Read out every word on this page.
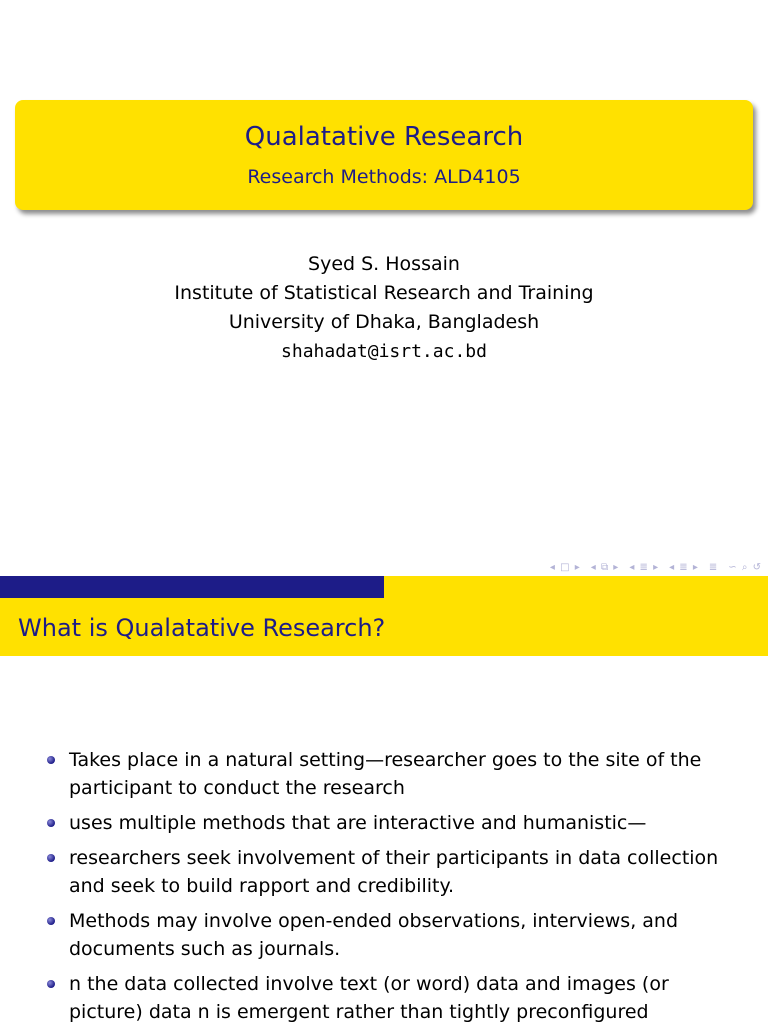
Qualatative Research
Research Methods: ALD4105
Syed S. Hossain
Institute of Statistical Research and Training
University of Dhaka, Bangladesh
shahadat@isrt.ac.bd
◂ □ ▸ ◂ ⧉ ▸ ◂ ≣ ▸ ◂ ≣ ▸ ≣ ∽ ⌕ ↺
What is Qualatative Research?
Takes place in a natural setting—researcher goes to the site of the participant to conduct the research
uses multiple methods that are interactive and humanistic—
researchers seek involvement of their participants in data collection and seek to build rapport and credibility.
Methods may involve open-ended observations, interviews, and documents such as journals.
n the data collected involve text (or word) data and images (or picture) data n is emergent rather than tightly preconfigured
